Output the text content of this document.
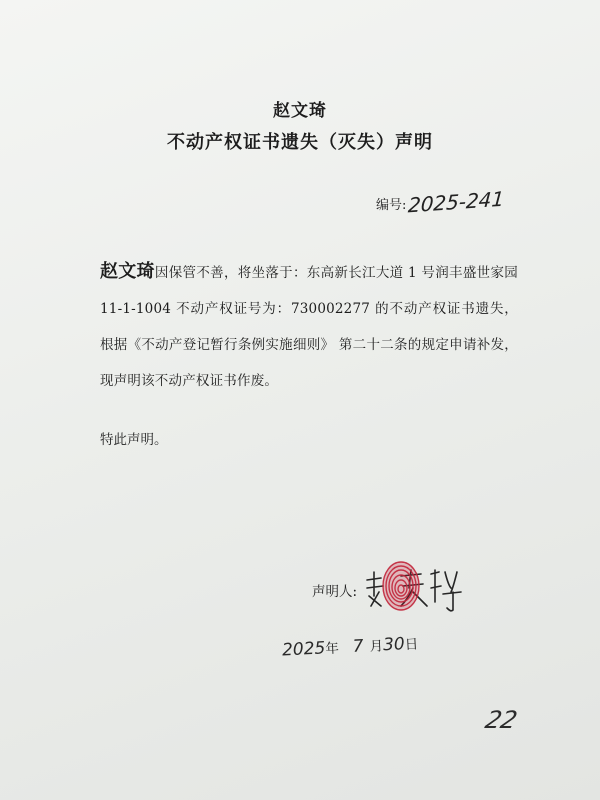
赵文琦
不动产权证书遗失（灭失）声明
编号: 2025-241
赵文琦因保管不善，将坐落于：东高新长江大道 1 号润丰盛世家园 11-1-1004 不动产权证号为：730002277 的不动产权证书遗失，根据《不动产登记暂行条例实施细则》 第二十二条的规定申请补发，现声明该不动产权证书作废。
特此声明。
声明人:
2025 年 7 月 30 日
22
